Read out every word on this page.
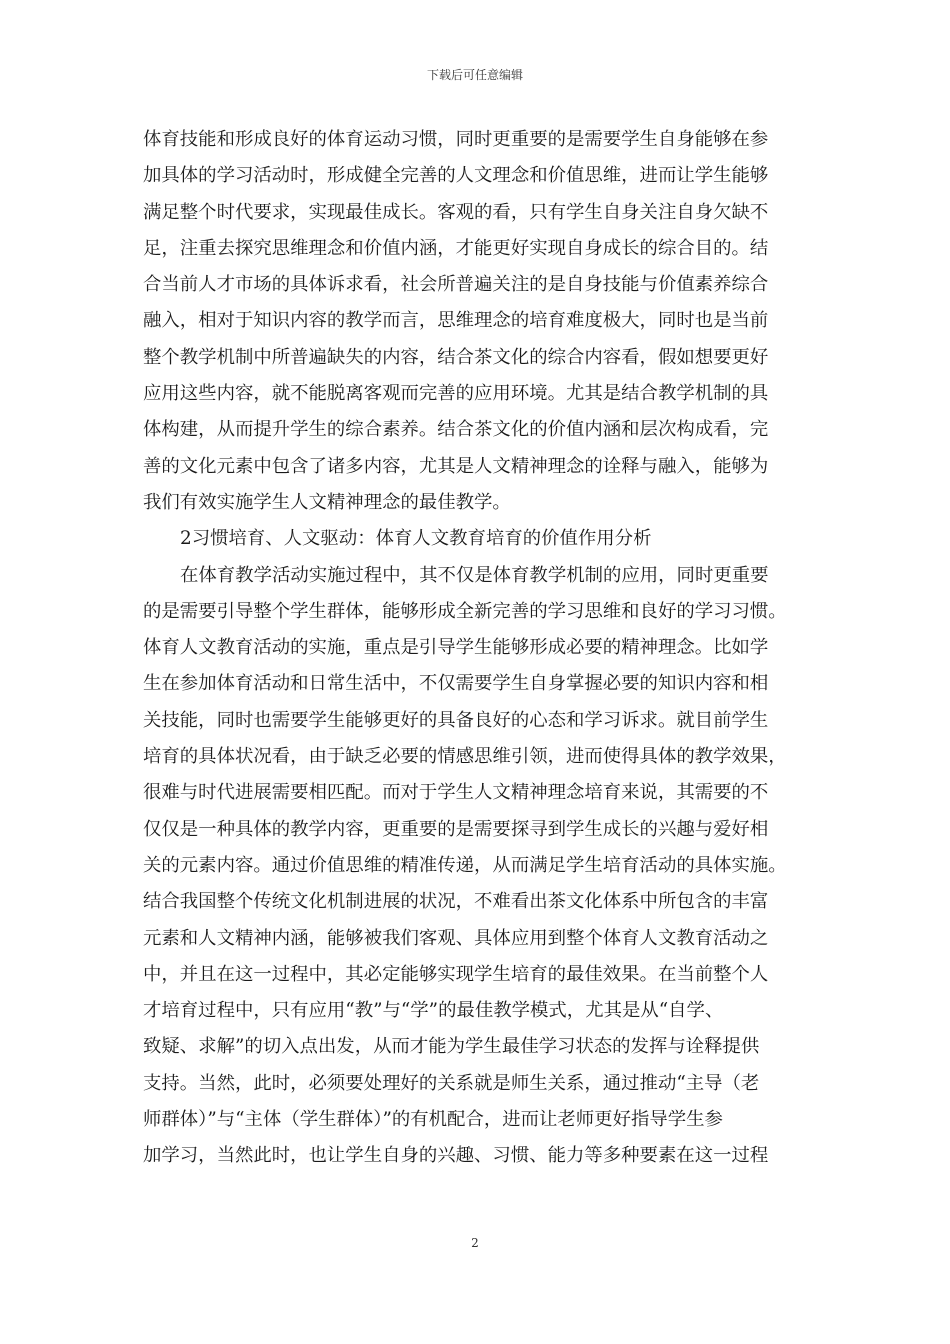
下载后可任意编辑
体育技能和形成良好的体育运动习惯，同时更重要的是需要学生自身能够在参
加具体的学习活动时，形成健全完善的人文理念和价值思维，进而让学生能够
满足整个时代要求，实现最佳成长。客观的看，只有学生自身关注自身欠缺不
足，注重去探究思维理念和价值内涵，才能更好实现自身成长的综合目的。结
合当前人才市场的具体诉求看，社会所普遍关注的是自身技能与价值素养综合
融入，相对于知识内容的教学而言，思维理念的培育难度极大，同时也是当前
整个教学机制中所普遍缺失的内容，结合茶文化的综合内容看，假如想要更好
应用这些内容，就不能脱离客观而完善的应用环境。尤其是结合教学机制的具
体构建，从而提升学生的综合素养。结合茶文化的价值内涵和层次构成看，完
善的文化元素中包含了诸多内容，尤其是人文精神理念的诠释与融入，能够为
我们有效实施学生人文精神理念的最佳教学。
2习惯培育、人文驱动：体育人文教育培育的价值作用分析
在体育教学活动实施过程中，其不仅是体育教学机制的应用，同时更重要
的是需要引导整个学生群体，能够形成全新完善的学习思维和良好的学习习惯。
体育人文教育活动的实施，重点是引导学生能够形成必要的精神理念。比如学
生在参加体育活动和日常生活中，不仅需要学生自身掌握必要的知识内容和相
关技能，同时也需要学生能够更好的具备良好的心态和学习诉求。就目前学生
培育的具体状况看，由于缺乏必要的情感思维引领，进而使得具体的教学效果，
很难与时代进展需要相匹配。而对于学生人文精神理念培育来说，其需要的不
仅仅是一种具体的教学内容，更重要的是需要探寻到学生成长的兴趣与爱好相
关的元素内容。通过价值思维的精准传递，从而满足学生培育活动的具体实施。
结合我国整个传统文化机制进展的状况，不难看出茶文化体系中所包含的丰富
元素和人文精神内涵，能够被我们客观、具体应用到整个体育人文教育活动之
中，并且在这一过程中，其必定能够实现学生培育的最佳效果。在当前整个人
才培育过程中，只有应用“教”与“学”的最佳教学模式，尤其是从“自学、
致疑、求解”的切入点出发，从而才能为学生最佳学习状态的发挥与诠释提供
支持。当然，此时，必须要处理好的关系就是师生关系，通过推动“主导（老
师群体）”与“主体（学生群体）”的有机配合，进而让老师更好指导学生参
加学习，当然此时，也让学生自身的兴趣、习惯、能力等多种要素在这一过程
2
